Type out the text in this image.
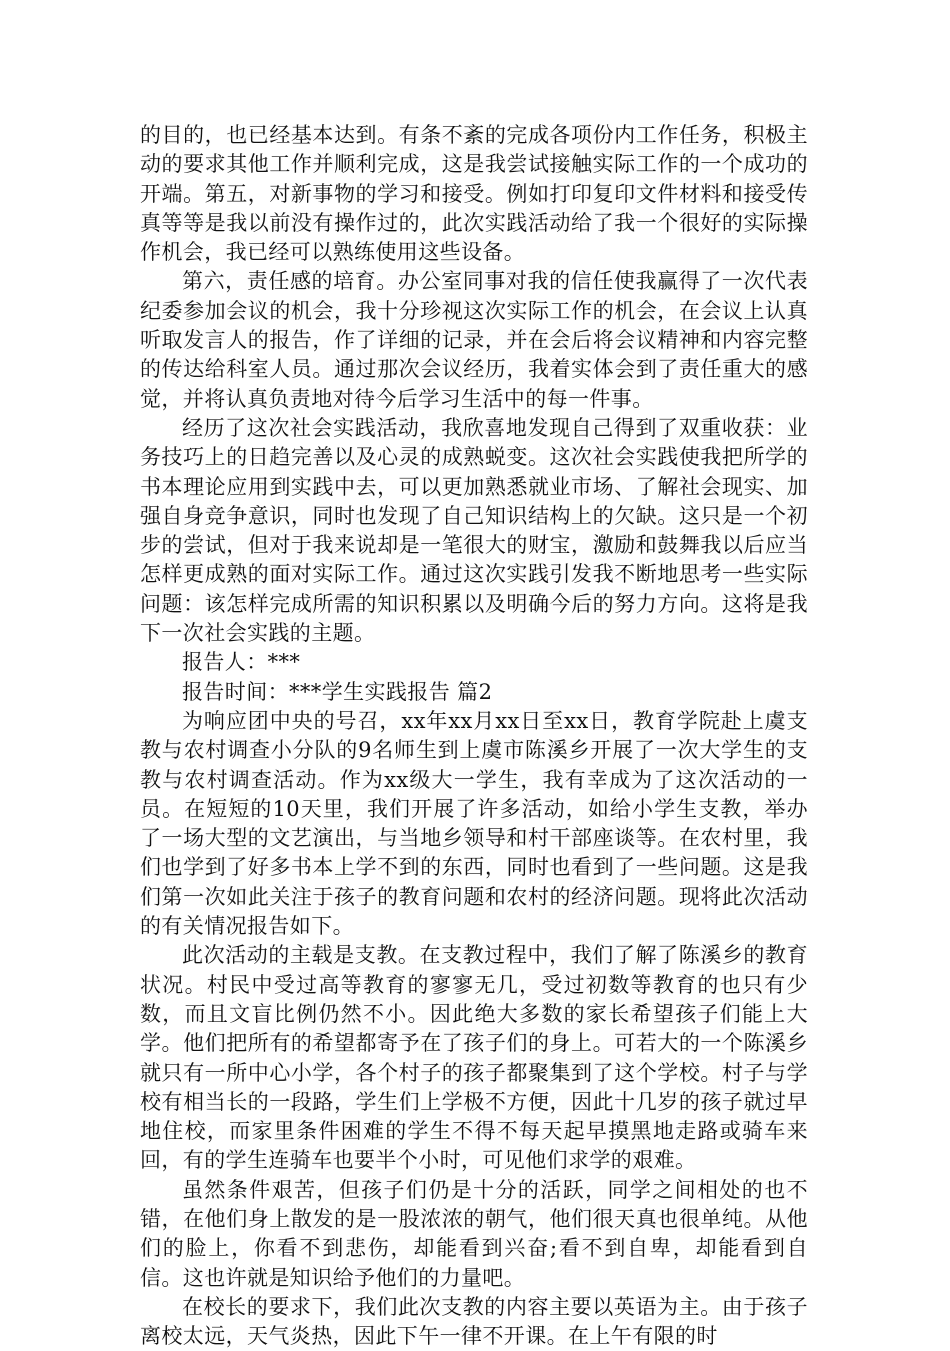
的目的，也已经基本达到。有条不紊的完成各项份内工作任务，积极主动的要求其他工作并顺利完成，这是我尝试接触实际工作的一个成功的开端。第五，对新事物的学习和接受。例如打印复印文件材料和接受传真等等是我以前没有操作过的，此次实践活动给了我一个很好的实际操作机会，我已经可以熟练使用这些设备。

第六，责任感的培育。办公室同事对我的信任使我赢得了一次代表纪委参加会议的机会，我十分珍视这次实际工作的机会，在会议上认真听取发言人的报告，作了详细的记录，并在会后将会议精神和内容完整的传达给科室人员。通过那次会议经历，我着实体会到了责任重大的感觉，并将认真负责地对待今后学习生活中的每一件事。

经历了这次社会实践活动，我欣喜地发现自己得到了双重收获：业务技巧上的日趋完善以及心灵的成熟蜕变。这次社会实践使我把所学的书本理论应用到实践中去，可以更加熟悉就业市场、了解社会现实、加强自身竞争意识，同时也发现了自己知识结构上的欠缺。这只是一个初步的尝试，但对于我来说却是一笔很大的财宝，激励和鼓舞我以后应当怎样更成熟的面对实际工作。通过这次实践引发我不断地思考一些实际问题：该怎样完成所需的知识积累以及明确今后的努力方向。这将是我下一次社会实践的主题。

报告人：***

报告时间：***学生实践报告 篇2

为响应团中央的号召，xx年xx月xx日至xx日，教育学院赴上虞支教与农村调查小分队的9名师生到上虞市陈溪乡开展了一次大学生的支教与农村调查活动。作为xx级大一学生，我有幸成为了这次活动的一员。在短短的10天里，我们开展了许多活动，如给小学生支教，举办了一场大型的文艺演出，与当地乡领导和村干部座谈等。在农村里，我们也学到了好多书本上学不到的东西，同时也看到了一些问题。这是我们第一次如此关注于孩子的教育问题和农村的经济问题。现将此次活动的有关情况报告如下。

此次活动的主载是支教。在支教过程中，我们了解了陈溪乡的教育状况。村民中受过高等教育的寥寥无几，受过初数等教育的也只有少数，而且文盲比例仍然不小。因此绝大多数的家长希望孩子们能上大学。他们把所有的希望都寄予在了孩子们的身上。可若大的一个陈溪乡就只有一所中心小学，各个村子的孩子都聚集到了这个学校。村子与学校有相当长的一段路，学生们上学极不方便，因此十几岁的孩子就过早地住校，而家里条件困难的学生不得不每天起早摸黑地走路或骑车来回，有的学生连骑车也要半个小时，可见他们求学的艰难。

虽然条件艰苦，但孩子们仍是十分的活跃，同学之间相处的也不错，在他们身上散发的是一股浓浓的朝气，他们很天真也很单纯。从他们的脸上，你看不到悲伤，却能看到兴奋;看不到自卑，却能看到自信。这也许就是知识给予他们的力量吧。

在校长的要求下，我们此次支教的内容主要以英语为主。由于孩子离校太远，天气炎热，因此下午一律不开课。在上午有限的时
